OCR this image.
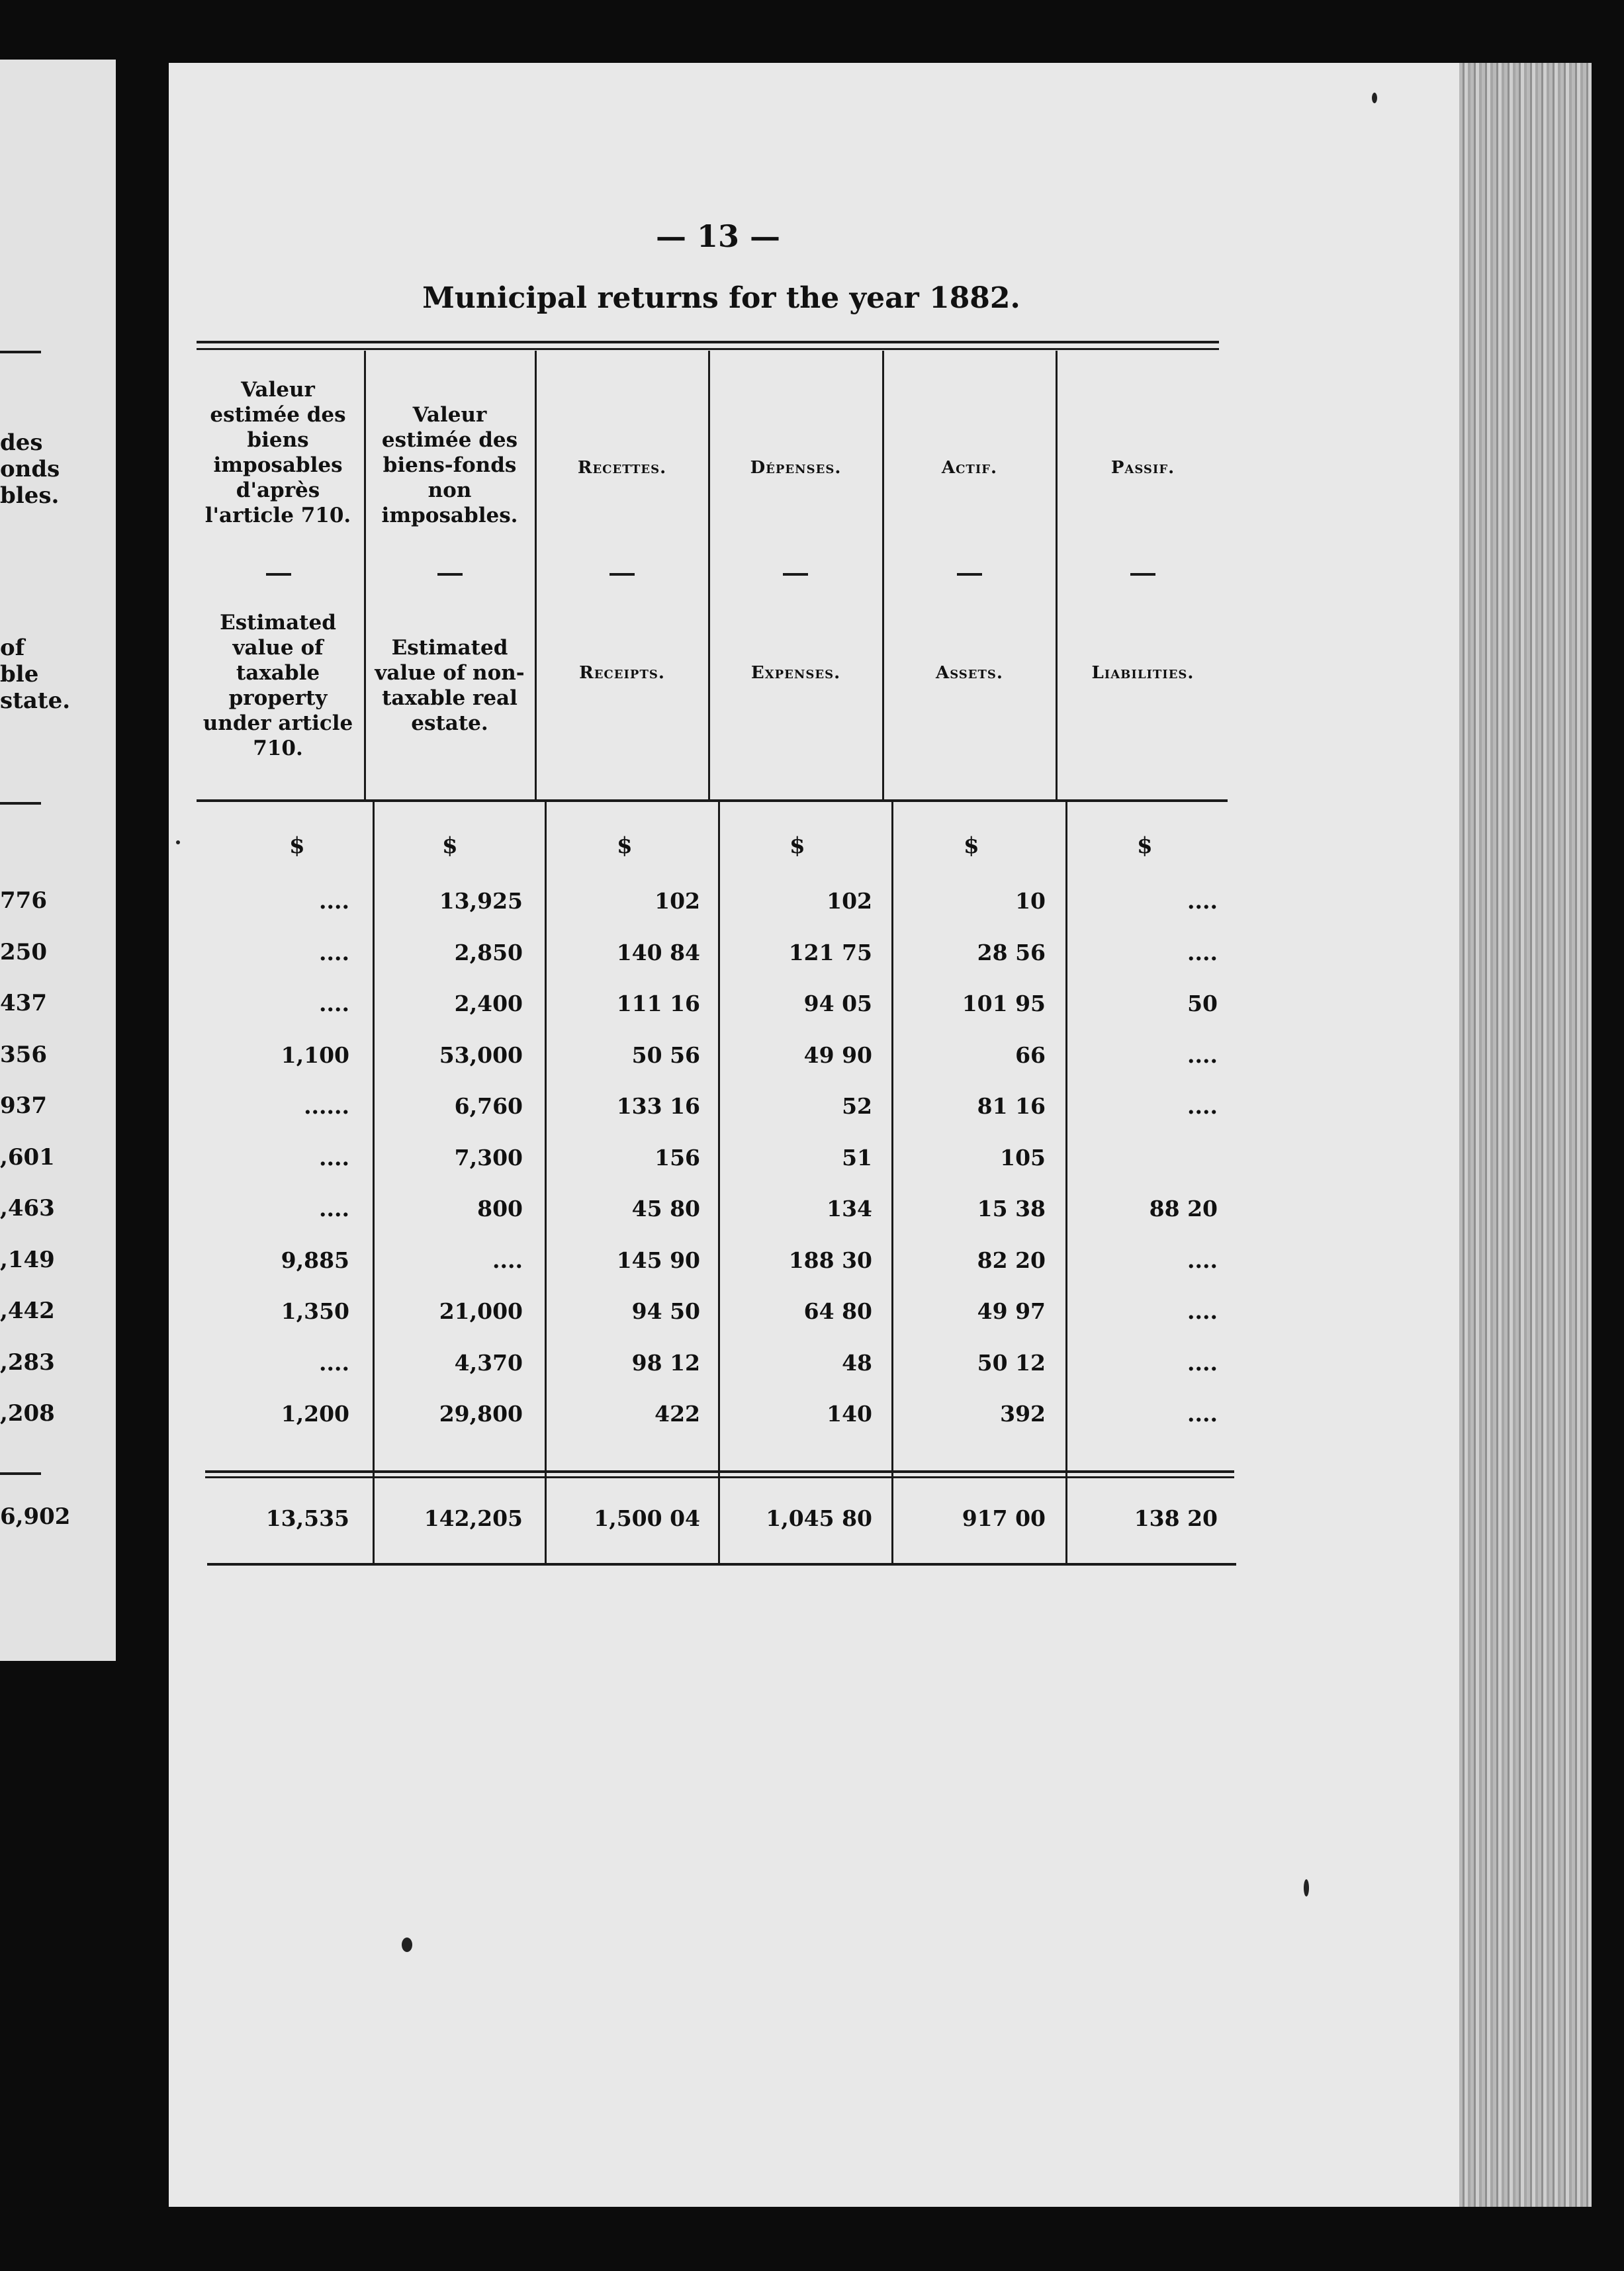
des
onds
bles.
of
ble
state.
776
250
437
356
937
,601
,463
,149
,442
,283
,208
6,902
— 13 —
Municipal returns for the year 1882.
Valeur estimée des biens imposables d'après l'article 710.
Valeur estimée des biens-fonds non imposables.
Recettes.	Dépenses.	Actif.	Passif.
Estimated value of taxable property under article 710.
Estimated value of non-taxable real estate.
Receipts.	Expenses.	Assets.	Liabilities.
$	$	$	$	$	$
....	13,925	102	102	10	....
....	2,850	140 84	121 75	28 56	....
....	2,400	111 16	94 05	101 95	50
1,100	53,000	50 56	49 90	66	....
......	6,760	133 16	52	81 16	....
....	7,300	156	51	105
....	800	45 80	134	15 38	88 20
9,885	....	145 90	188 30	82 20	....
1,350	21,000	94 50	64 80	49 97	....
....	4,370	98 12	48	50 12	....
1,200	29,800	422	140	392	....
13,535	142,205	1,500 04	1,045 80	917 00	138 20
